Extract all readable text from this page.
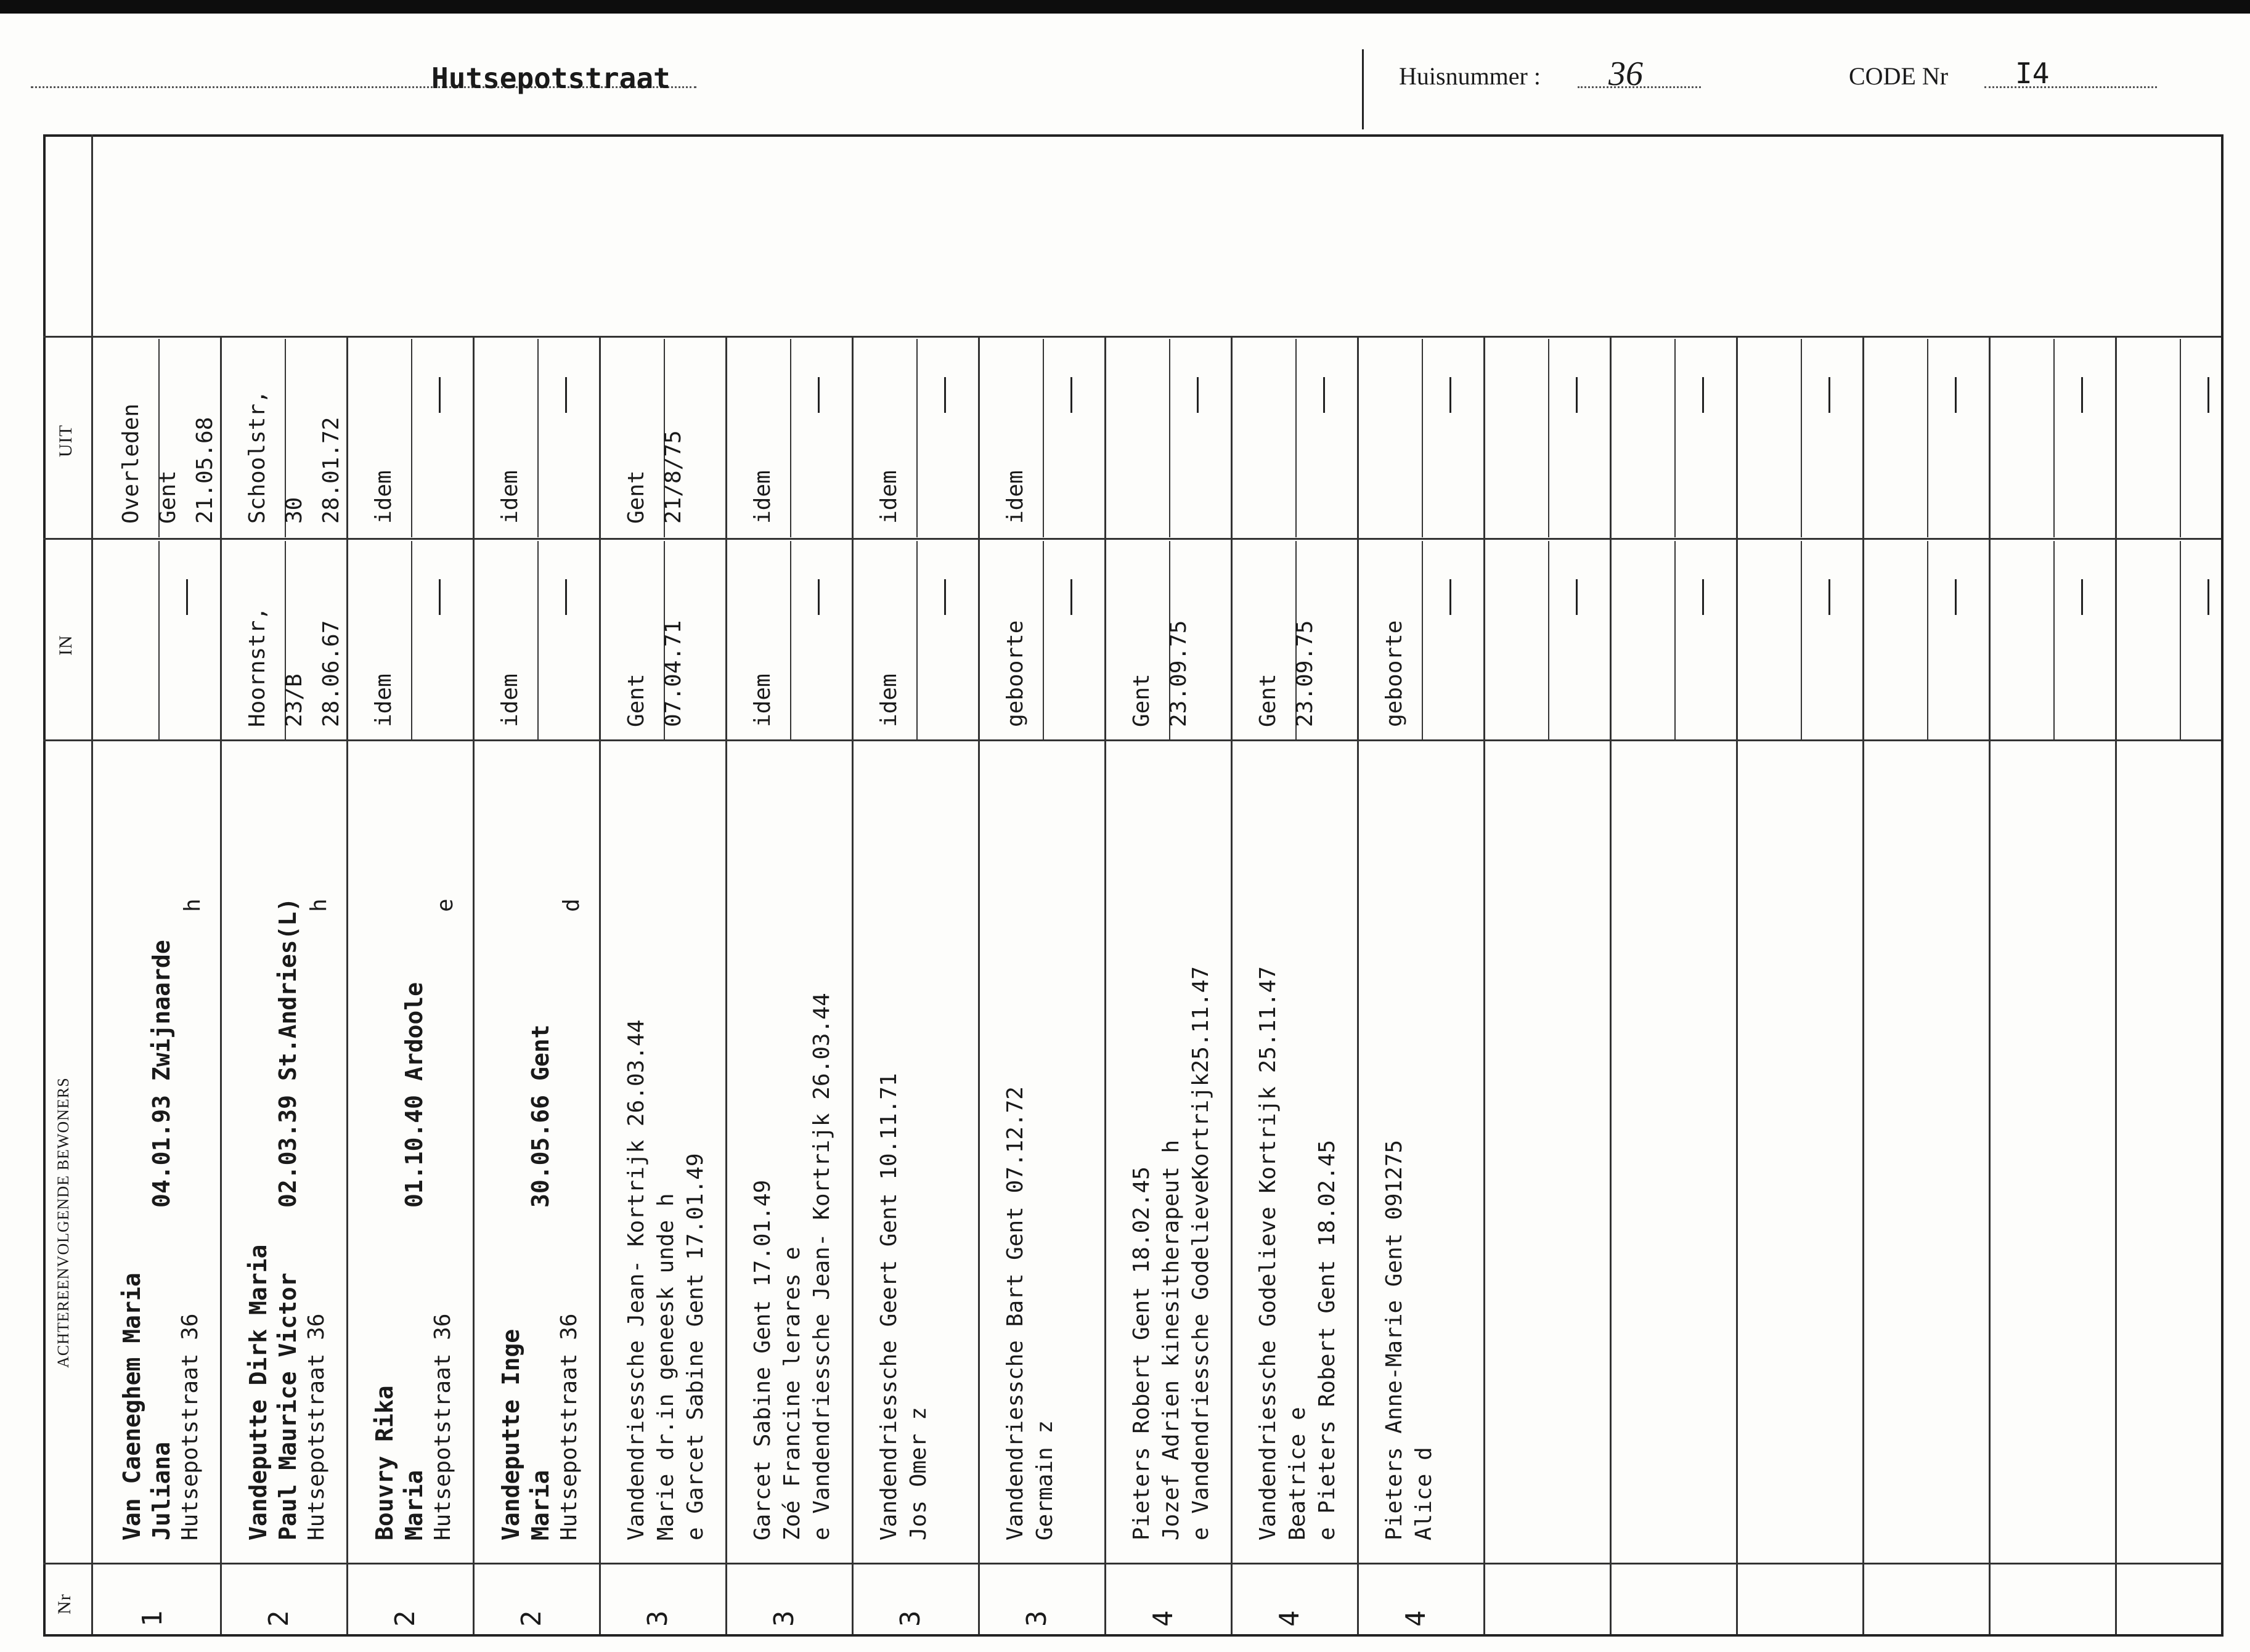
Hutsepotstraat	Huisnummer : 36	CODE Nr I4
UIT
IN
ACHTEREENVOLGENDE BEWONERS
Nr
1
Van Caeneghem Maria Juliana Hutsepotstraat 36
04.01.93 Zwijnaarde
h
Overleden Gent 21.05.68
2
Vandeputte Dirk Maria Paul Maurice Victor Hutsepotstraat 36
02.03.39 St.Andries(L) h
Hoornstr, 23/B 28.06.67
Schoolstr, 30 28.01.72
2
Bouvry Rika Maria Hutsepotstraat 36
01.10.40 Ardoole
e
idem
idem
2
Vandeputte Inge Maria Hutsepotstraat 36
30.05.66 Gent
d
idem
idem
3
Vandendriessche Jean- Kortrijk 26.03.44 Marie dr.in geneesk unde h e Garcet Sabine Gent 17.01.49
Gent 07.04.71
Gent 21/8/75
3
Garcet Sabine Gent 17.01.49 Zoé Francine lerares e e Vandendriessche Jean- Kortrijk 26.03.44
idem
idem
3
Vandendriessche Geert Gent 10.11.71 Jos Omer z
idem
idem
3
Vandendriessche Bart Gent 07.12.72 Germain z
geboorte
idem
4
Pieters Robert Gent 18.02.45 Jozef Adrien kinesitherapeut h e Vandendriessche GodelieveKortrijk25.11.47
Gent 23.09.75
4
Vandendriessche Godelieve Kortrijk 25.11.47 Beatrice e e Pieters Robert Gent 18.02.45
Gent 23.09.75
4
Pieters Anne-Marie Gent 091275 Alice d
geboorte
